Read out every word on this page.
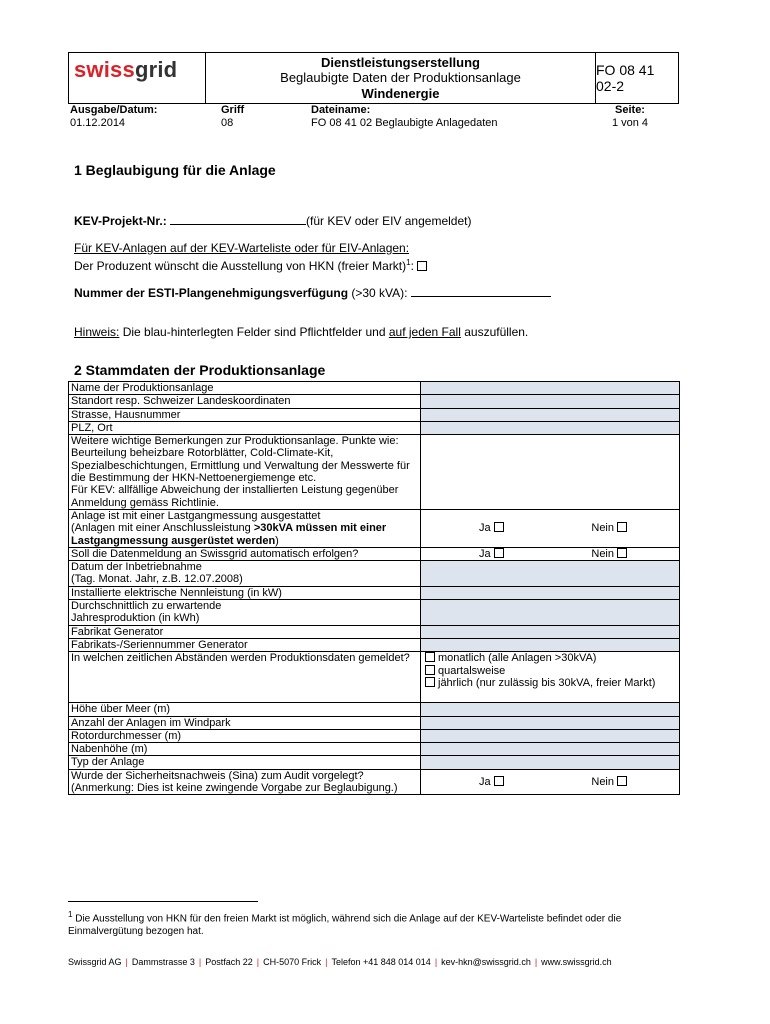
swissgrid	Dienstleistungserstellung
Beglaubigte Daten der Produktionsanlage
Windenergie
FO 08 41 02-2
Ausgabe/Datum:
01.12.2014
Griff
08
Dateiname:
FO 08 41 02 Beglaubigte Anlagedaten
Seite:
1 von 4
1 Beglaubigung für die Anlage
KEV-Projekt-Nr.:	(für KEV oder EIV angemeldet)
Für KEV-Anlagen auf der KEV-Warteliste oder für EIV-Anlagen:
Der Produzent wünscht die Ausstellung von HKN (freier Markt)$^1$:
Nummer der ESTI-Plangenehmigungsverfügung (>30 kVA):
Hinweis: Die blau-hinterlegten Felder sind Pflichtfelder und auf jeden Fall auszufüllen.
2 Stammdaten der Produktionsanlage
Name der Produktionsanlage	
Standort resp. Schweizer Landeskoordinaten	
Strasse, Hausnummer	
PLZ, Ort	
Weitere wichtige Bemerkungen zur Produktionsanlage. Punkte wie: Beurteilung beheizbare Rotorblätter, Cold-Climate-Kit, Spezialbeschichtungen, Ermittlung und Verwaltung der Messwerte für die Bestimmung der HKN-Nettoenergiemenge etc.
Für KEV: allfällige Abweichung der installierten Leistung gegenüber Anmeldung gemäss Richtlinie.	
Anlage ist mit einer Lastgangmessung ausgestattet
(Anlagen mit einer Anschlussleistung >30kVA müssen mit einer Lastgangmessung ausgerüstet werden)	Ja Nein

Soll die Datenmeldung an Swissgrid automatisch erfolgen?	Ja Nein

Datum der Inbetriebnahme
(Tag. Monat. Jahr, z.B. 12.07.2008)	
Installierte elektrische Nennleistung (in kW)	
Durchschnittlich zu erwartende
Jahresproduktion (in kWh)	
Fabrikat Generator	
Fabrikats-/Seriennummer Generator	
In welchen zeitlichen Abständen werden Produktionsdaten gemeldet?	monatlich (alle Anlagen >30kVA)
quartalsweise
jährlich (nur zulässig bis 30kVA, freier Markt)

Höhe über Meer (m)	
Anzahl der Anlagen im Windpark	
Rotordurchmesser (m)	
Nabenhöhe (m)	
Typ der Anlage	
Wurde der Sicherheitsnachweis (Sina) zum Audit vorgelegt? (Anmerkung: Dies ist keine zwingende Vorgabe zur Beglaubigung.)	Ja Nein
$^1$ Die Ausstellung von HKN für den freien Markt ist möglich, während sich die Anlage auf der KEV-Warteliste befindet oder die Einmalvergütung bezogen hat.
Swissgrid AG | Dammstrasse 3 | Postfach 22 | CH-5070 Frick | Telefon +41 848 014 014 | kev-hkn@swissgrid.ch | www.swissgrid.ch
